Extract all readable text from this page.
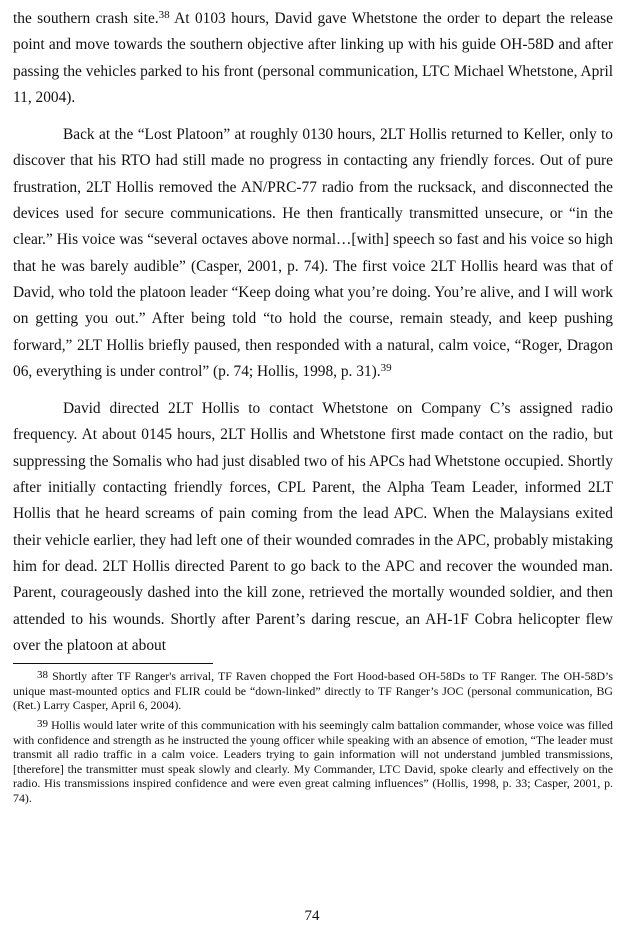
the southern crash site.$^{38}$ At 0103 hours, David gave Whetstone the order to depart the release point and move towards the southern objective after linking up with his guide OH-58D and after passing the vehicles parked to his front (personal communication, LTC Michael Whetstone, April 11, 2004).

Back at the “Lost Platoon” at roughly 0130 hours, 2LT Hollis returned to Keller, only to discover that his RTO had still made no progress in contacting any friendly forces. Out of pure frustration, 2LT Hollis removed the AN/PRC-77 radio from the rucksack, and disconnected the devices used for secure communications. He then frantically transmitted unsecure, or “in the clear.” His voice was “several octaves above normal…[with] speech so fast and his voice so high that he was barely audible” (Casper, 2001, p. 74). The first voice 2LT Hollis heard was that of David, who told the platoon leader “Keep doing what you’re doing. You’re alive, and I will work on getting you out.” After being told “to hold the course, remain steady, and keep pushing forward,” 2LT Hollis briefly paused, then responded with a natural, calm voice, “Roger, Dragon 06, everything is under control” (p. 74; Hollis, 1998, p. 31).$^{39}$

David directed 2LT Hollis to contact Whetstone on Company C’s assigned radio frequency. At about 0145 hours, 2LT Hollis and Whetstone first made contact on the radio, but suppressing the Somalis who had just disabled two of his APCs had Whetstone occupied. Shortly after initially contacting friendly forces, CPL Parent, the Alpha Team Leader, informed 2LT Hollis that he heard screams of pain coming from the lead APC. When the Malaysians exited their vehicle earlier, they had left one of their wounded comrades in the APC, probably mistaking him for dead. 2LT Hollis directed Parent to go back to the APC and recover the wounded man. Parent, courageously dashed into the kill zone, retrieved the mortally wounded soldier, and then attended to his wounds. Shortly after Parent’s daring rescue, an AH-1F Cobra helicopter flew over the platoon at about

$^{38}$ Shortly after TF Ranger's arrival, TF Raven chopped the Fort Hood-based OH-58Ds to TF Ranger. The OH-58D’s unique mast-mounted optics and FLIR could be “down-linked” directly to TF Ranger’s JOC (personal communication, BG (Ret.) Larry Casper, April 6, 2004).

$^{39}$ Hollis would later write of this communication with his seemingly calm battalion commander, whose voice was filled with confidence and strength as he instructed the young officer while speaking with an absence of emotion, “The leader must transmit all radio traffic in a calm voice. Leaders trying to gain information will not understand jumbled transmissions, [therefore] the transmitter must speak slowly and clearly. My Commander, LTC David, spoke clearly and effectively on the radio. His transmissions inspired confidence and were even great calming influences” (Hollis, 1998, p. 33; Casper, 2001, p. 74).

74
